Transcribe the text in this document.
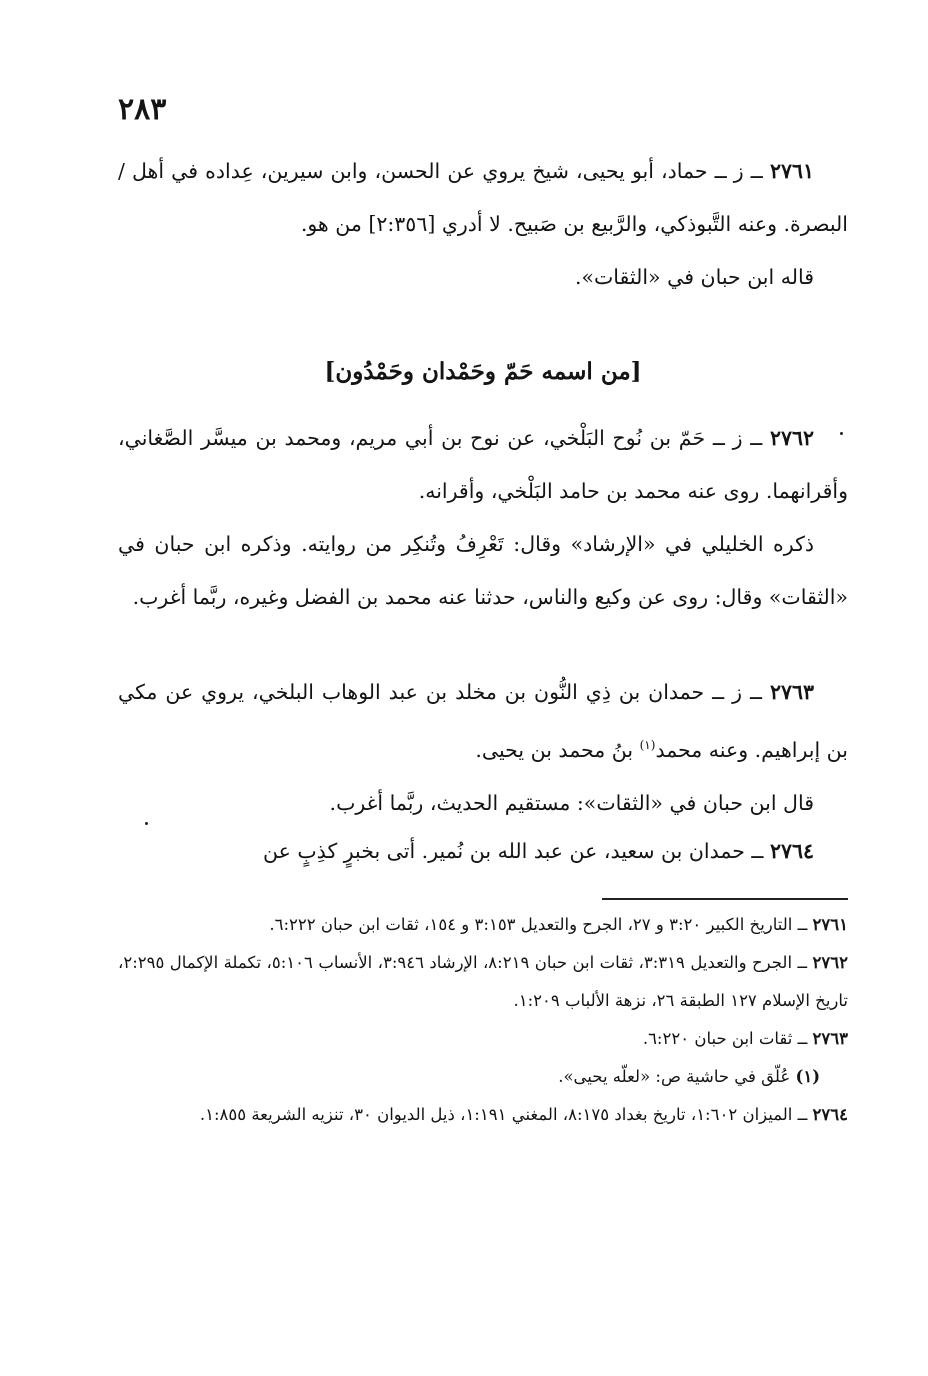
٢٨٣

٢٧٦١ ــ ز ــ حماد، أبو يحيى، شيخ يروي عن الحسن، وابن سيرين، عِداده في أهل / البصرة. وعنه التَّبوذكي، والرَّبيع بن صَبيح. لا أدري [٢:٣٥٦] من هو.

قاله ابن حبان في «الثقات».

[من اسمه حَمّ وحَمْدان وحَمْدُون]

٢٧٦٢ ــ ز ــ حَمّ بن نُوح البَلْخي، عن نوح بن أبي مريم، ومحمد بن ميسَّر الصَّغاني، وأقرانهما. روى عنه محمد بن حامد البَلْخي، وأقرانه.

ذكره الخليلي في «الإرشاد» وقال: تَعْرِفُ وتُنكِر من روايته. وذكره ابن حبان في «الثقات» وقال: روى عن وكيع والناس، حدثنا عنه محمد بن الفضل وغيره، ربَّما أغرب.

٢٧٦٣ ــ ز ــ حمدان بن ذِي النُّون بن مخلد بن عبد الوهاب البلخي، يروي عن مكي بن إبراهيم. وعنه محمد$^{(١)}$ بنُ محمد بن يحيى.

قال ابن حبان في «الثقات»: مستقيم الحديث، ربَّما أغرب.

٢٧٦٤ ــ حمدان بن سعيد، عن عبد الله بن نُمير. أتى بخبرٍ كذِبٍ عن

٢٧٦١ ــ التاريخ الكبير ٣:٢٠ و ٢٧، الجرح والتعديل ٣:١٥٣ و ١٥٤، ثقات ابن حبان ٦:٢٢٢.

٢٧٦٢ ــ الجرح والتعديل ٣:٣١٩، ثقات ابن حبان ٨:٢١٩، الإرشاد ٣:٩٤٦، الأنساب ٥:١٠٦، تكملة الإكمال ٢:٢٩٥، تاريخ الإسلام ١٢٧ الطبقة ٢٦، نزهة الألباب ١:٢٠٩.

٢٧٦٣ ــ ثقات ابن حبان ٦:٢٢٠.

(١) عُلّق في حاشية ص: «لعلّه يحيى».

٢٧٦٤ ــ الميزان ١:٦٠٢، تاريخ بغداد ٨:١٧٥، المغني ١:١٩١، ذيل الديوان ٣٠، تنزيه الشريعة ١:٨٥٥.
